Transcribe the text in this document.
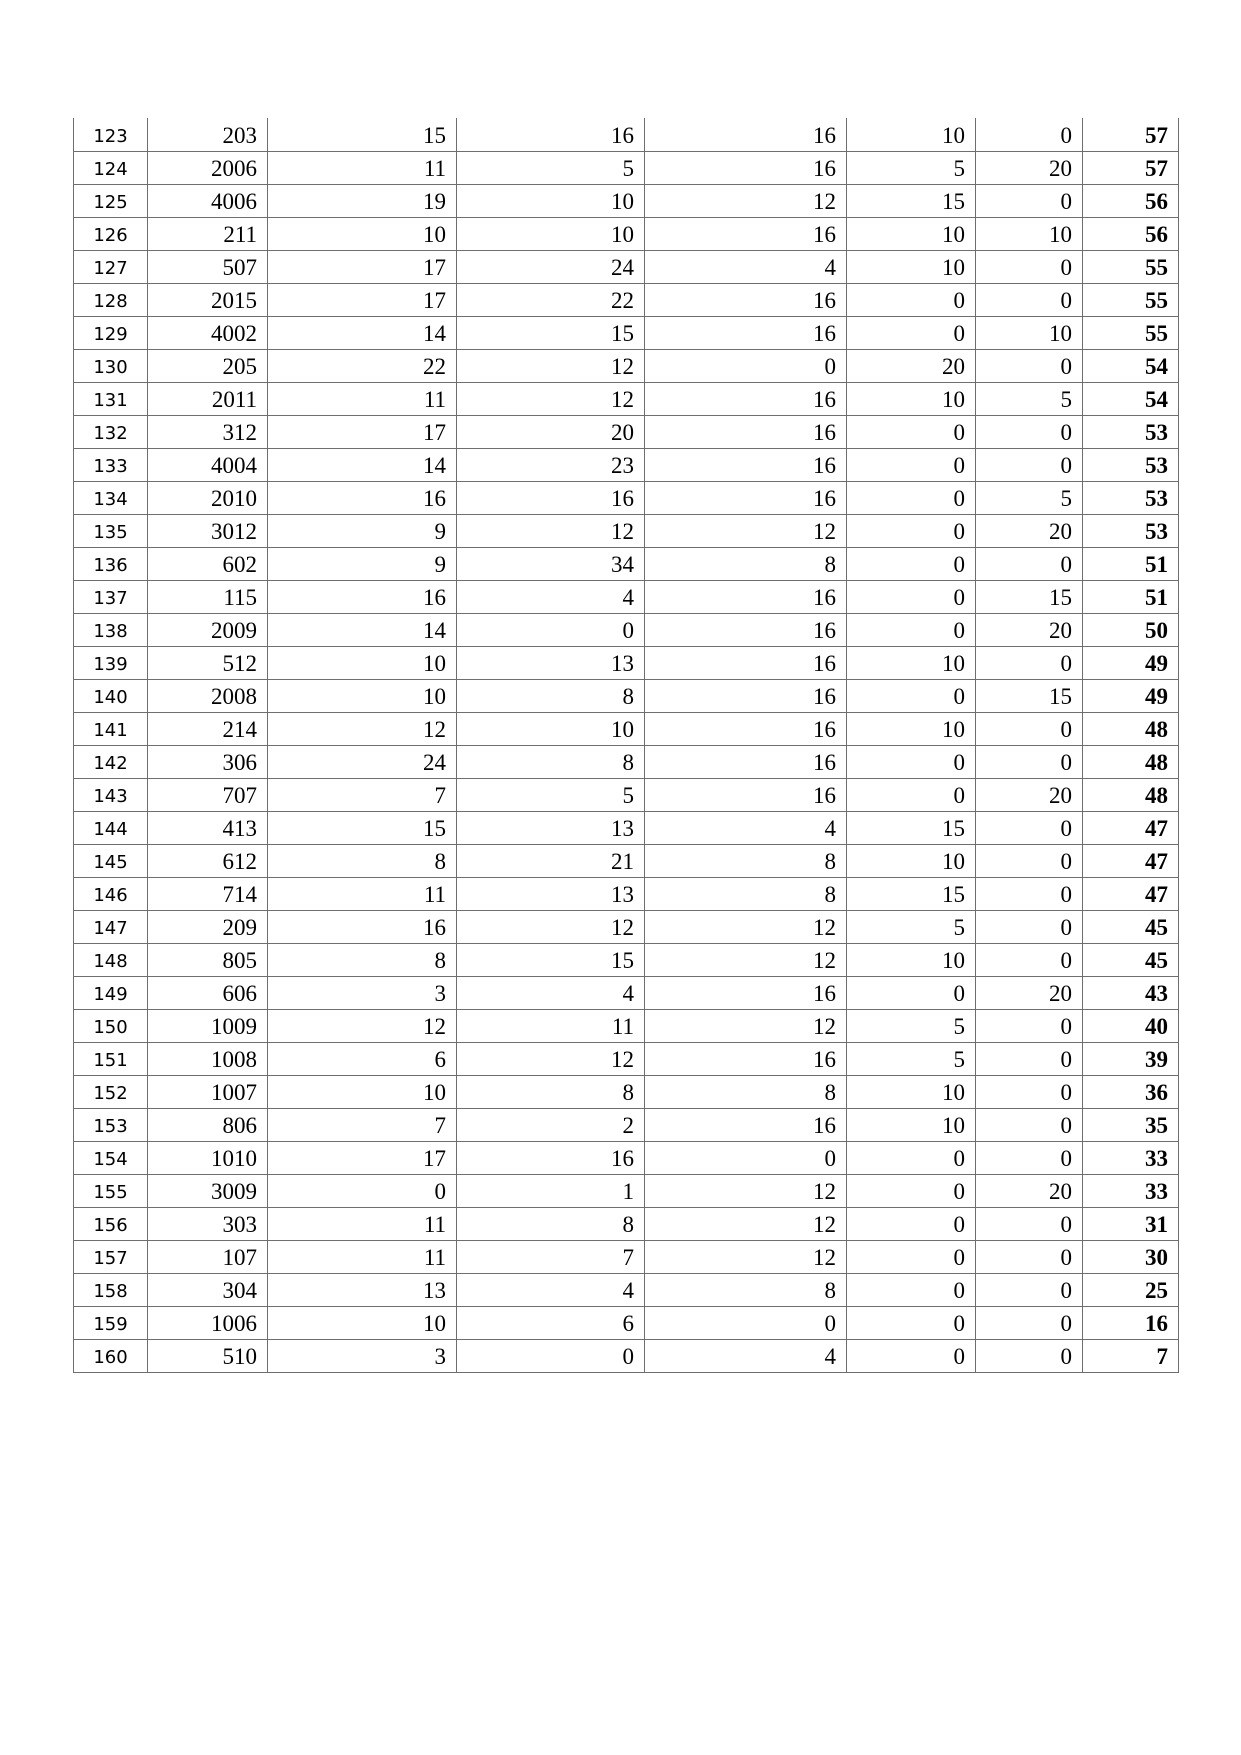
123	203	15	16	16	10	0	57
124	2006	11	5	16	5	20	57
125	4006	19	10	12	15	0	56
126	211	10	10	16	10	10	56
127	507	17	24	4	10	0	55
128	2015	17	22	16	0	0	55
129	4002	14	15	16	0	10	55
130	205	22	12	0	20	0	54
131	2011	11	12	16	10	5	54
132	312	17	20	16	0	0	53
133	4004	14	23	16	0	0	53
134	2010	16	16	16	0	5	53
135	3012	9	12	12	0	20	53
136	602	9	34	8	0	0	51
137	115	16	4	16	0	15	51
138	2009	14	0	16	0	20	50
139	512	10	13	16	10	0	49
140	2008	10	8	16	0	15	49
141	214	12	10	16	10	0	48
142	306	24	8	16	0	0	48
143	707	7	5	16	0	20	48
144	413	15	13	4	15	0	47
145	612	8	21	8	10	0	47
146	714	11	13	8	15	0	47
147	209	16	12	12	5	0	45
148	805	8	15	12	10	0	45
149	606	3	4	16	0	20	43
150	1009	12	11	12	5	0	40
151	1008	6	12	16	5	0	39
152	1007	10	8	8	10	0	36
153	806	7	2	16	10	0	35
154	1010	17	16	0	0	0	33
155	3009	0	1	12	0	20	33
156	303	11	8	12	0	0	31
157	107	11	7	12	0	0	30
158	304	13	4	8	0	0	25
159	1006	10	6	0	0	0	16
160	510	3	0	4	0	0	7
